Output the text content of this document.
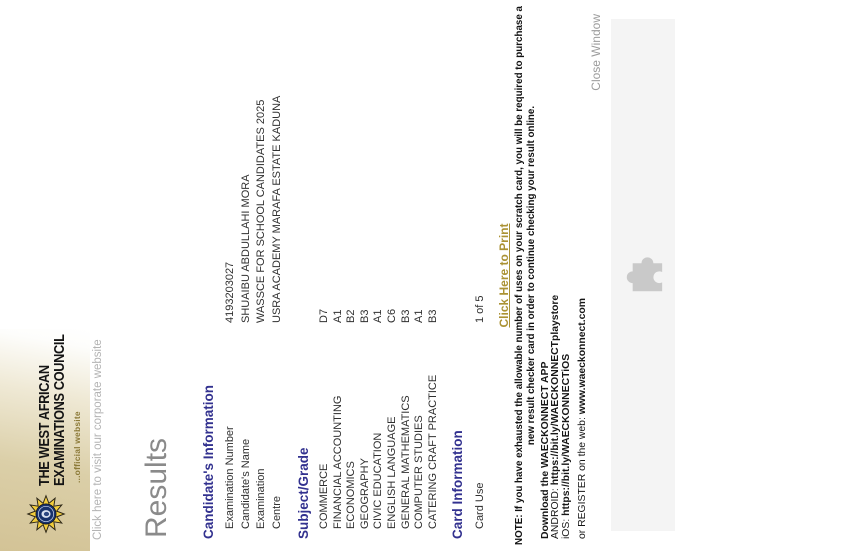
THE WEST AFRICAN EXAMINATIONS COUNCIL ...official website Click here to visit our corporate website Results Candidate's Information Examination Number
4193203027
Candidate's Name
SHUAIBU ABDULLAHI MORA
Examination
WASSCE FOR SCHOOL CANDIDATES 2025
Centre
USRA ACADEMY MARAFA ESTATE KADUNA
Subject/Grade COMMERCE
D7
FINANCIAL ACCOUNTING
A1
ECONOMICS
B2
GEOGRAPHY
B3
CIVIC EDUCATION
A1
ENGLISH LANGUAGE
C6
GENERAL MATHEMATICS
B3
COMPUTER STUDIES
A1
CATERING CRAFT PRACTICE
B3
Card Information Card Use
1 of 5 Click Here to Print NOTE: If you have exhausted the allowable number of uses on your scratch card, you will be required to purchase a new result checker card in order to continue checking your result online.
Download the WAECKONNECT APP ANDROID: https://bit.ly/WAECKONNECTplaystore
iOS: https://bit.ly/WAECKONNECTiOS or REGISTER on the web: www.waeckonnect.com
Close Window
